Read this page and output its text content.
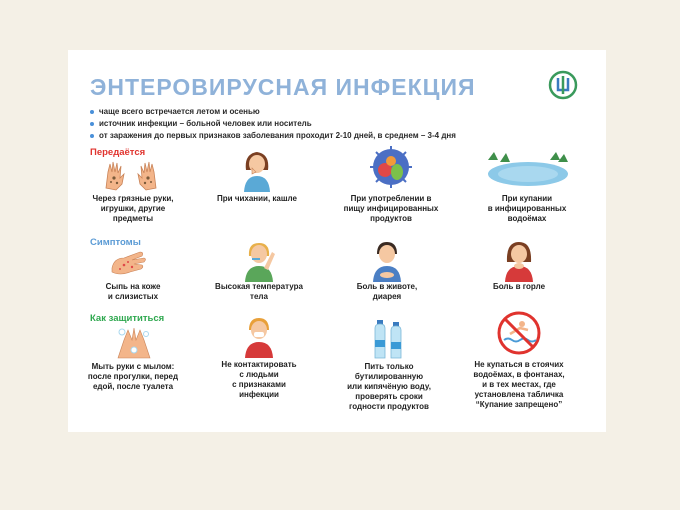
ЭНТЕРОВИРУСНАЯ ИНФЕКЦИЯ
чаще всего встречается летом и осенью
источник инфекции – больной человек или носитель
от заражения до первых признаков заболевания проходит 2-10 дней, в среднем – 3-4 дня
Передаётся
Симптомы
Как защититься
Через грязные руки,
игрушки, другие
предметы
При чихании, кашле	При употреблении в
пищу инфицированных
продуктов
При купании
в инфицированных
водоёмах
Сыпь на коже
и слизистых
Высокая температура
тела
Боль в животе,
диарея
Боль в горле
Мыть руки с мылом:
после прогулки, перед
едой, после туалета
Не контактировать
с людьми
с признаками
инфекции
Пить только
бутилированную
или кипячёную воду,
проверять сроки
годности продуктов
Не купаться в стоячих
водоёмах, в фонтанах,
и в тех местах, где
установлена табличка
“Купание запрещено”
